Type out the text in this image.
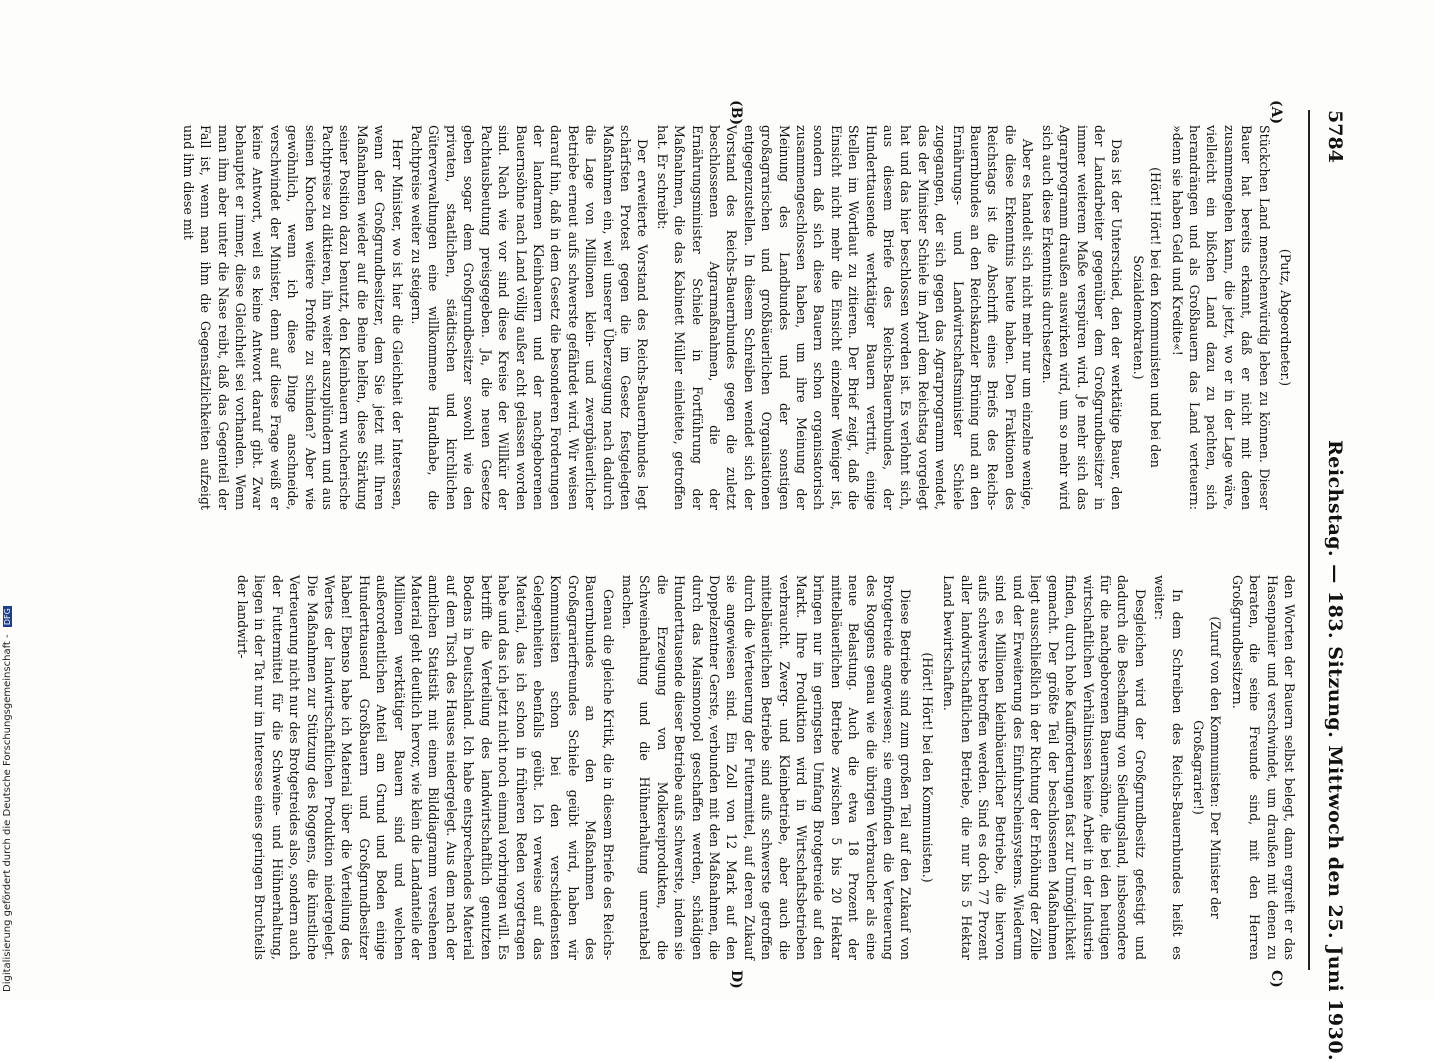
5784
Reichstag. — 183. Sitzung. Mittwoch den 25. Juni 1930.
(A)
(B)
C)
D)

(Putz, Abgeordneter.)

Stückchen Land menschenwürdig leben zu können. Dieser Bauer hat bereits erkannt, daß er nicht mit denen zusammengehen kann, die jetzt, wo er in der Lage wäre, vielleicht ein bißchen Land dazu zu pachten, sich herandrängen und als Großbauern das Land verteuern: »denn sie haben Geld und Kredite«!

(Hört! Hört! bei den Kommunisten und bei den Sozialdemokraten.)

Das ist der Unterschied, den der werktätige Bauer, den der Landarbeiter gegenüber dem Großgrundbesitzer in immer weiterem Maße verspüren wird. Je mehr sich das Agrarprogramm draußen auswirken wird, um so mehr wird sich auch diese Erkenntnis durchsetzen.

Aber es handelt sich nicht mehr nur um einzelne wenige, die diese Erkenntnis heute haben. Den Fraktionen des Reichstags ist die Abschrift eines Briefs des Reichs-Bauernbundes an den Reichskanzler Brüning und an den Ernährungs- und Landwirtschaftsminister Schiele zugegangen, der sich gegen das Agrarprogramm wendet, das der Minister Schiele im April dem Reichstag vorgelegt hat und das hier beschlossen worden ist. Es verlohnt sich, aus diesem Briefe des Reichs-Bauernbundes, der Hunderttausende werktätiger Bauern vertritt, einige Stellen im Wortlaut zu zitieren. Der Brief zeigt, daß die Einsicht nicht mehr die Einsicht einzelner Weniger ist, sondern daß sich diese Bauern schon organisatorisch zusammengeschlossen haben, um ihre Meinung der Meinung des Landbundes und der sonstigen großagrarischen und großbäuerlichen Organisationen entgegenzustellen. In diesem Schreiben wendet sich der Vorstand des Reichs-Bauernbundes gegen die zuletzt beschlossenen Agrarmaßnahmen, die der Ernährungsminister Schiele in Fortführung der Maßnahmen, die das Kabinett Müller einleitete, getroffen hat. Er schreibt:

Der erweiterte Vorstand des Reichs-Bauernbundes legt schärfsten Protest gegen die im Gesetz festgelegten Maßnahmen ein, weil unserer Überzeugung nach dadurch die Lage von Millionen klein- und zwergbäuerlicher Betriebe erneut aufs schwerste gefährdet wird. Wir weisen darauf hin, daß in dem Gesetz die besonderen Forderungen der landarmen Kleinbauern und der nachgeborenen Bauernsöhne nach Land völlig außer acht gelassen worden sind. Nach wie vor sind diese Kreise der Willkür der Pachtausbeutung preisgegeben. Ja, die neuen Gesetze geben sogar dem Großgrundbesitzer sowohl wie den privaten, staatlichen, städtischen und kirchlichen Güterverwaltungen eine willkommene Handhabe, die Pachtpreise weiter zu steigern.

Herr Minister, wo ist hier die Gleichheit der Interessen, wenn der Großgrundbesitzer, dem Sie jetzt mit Ihren Maßnahmen wieder auf die Beine helfen, diese Stärkung seiner Position dazu benutzt, den Kleinbauern wucherische Pachtpreise zu diktieren, ihn weiter auszuplündern und aus seinen Knochen weitere Profite zu schinden? Aber wie gewöhnlich, wenn ich diese Dinge anschneide, verschwindet der Minister, denn auf diese Frage weiß er keine Antwort, weil es keine Antwort darauf gibt. Zwar behauptet er immer, diese Gleichheit sei vorhanden. Wenn man ihm aber unter die Nase reibt, daß das Gegenteil der Fall ist, wenn man ihm die Gegensätzlichkeiten aufzeigt und ihm diese mit

den Worten der Bauern selbst belegt, dann ergreift er das Hasenpanier und verschwindet, um draußen mit denen zu beraten, die seine Freunde sind, mit den Herren Großgrundbesitzern.

(Zuruf von den Kommunisten: Der Minister der Großagrarier!)

In dem Schreiben des Reichs-Bauernbundes heißt es weiter:

Desgleichen wird der Großgrundbesitz gefestigt und dadurch die Beschaffung von Siedlungsland, insbesondere für die nachgeborenen Bauernsöhne, die bei den heutigen wirtschaftlichen Verhältnissen keine Arbeit in der Industrie finden, durch hohe Kaufforderungen fast zur Unmöglichkeit gemacht. Der größte Teil der beschlossenen Maßnahmen liegt ausschließlich in der Richtung der Erhöhung der Zölle und der Erweiterung des Einfuhrscheinsystems. Wiederum sind es Millionen kleinbäuerlicher Betriebe, die hiervon aufs schwerste betroffen werden. Sind es doch 77 Prozent aller landwirtschaftlichen Betriebe, die nur bis 5 Hektar Land bewirtschaften.

(Hört! Hört! bei den Kommunisten.)

Diese Betriebe sind zum großen Teil auf den Zukauf von Brotgetreide angewiesen; sie empfinden die Verteuerung des Roggens genau wie die übrigen Verbraucher als eine neue Belastung. Auch die etwa 18 Prozent der mittelbäuerlichen Betriebe zwischen 5 bis 20 Hektar bringen nur im geringsten Umfang Brotgetreide auf den Markt. Ihre Produktion wird in Wirtschaftsbetrieben verbraucht. Zwerg- und Kleinbetriebe, aber auch die mittelbäuerlichen Betriebe sind aufs schwerste getroffen durch die Verteuerung der Futtermittel, auf deren Zukauf sie angewiesen sind. Ein Zoll von 12 Mark auf den Doppelzentner Gerste, verbunden mit den Maßnahmen, die durch das Maismonopol geschaffen werden, schädigen Hunderttausende dieser Betriebe aufs schwerste, indem sie die Erzeugung von Molkereiprodukten, die Schweinehaltung und die Hühnerhaltung unrentabel machen.

Genau die gleiche Kritik, die in diesem Briefe des Reichs-Bauernbundes an den Maßnahmen des Großagrarierfreundes Schiele geübt wird, haben wir Kommunisten schon bei den verschiedensten Gelegenheiten ebenfalls geübt. Ich verweise auf das Material, das ich schon in früheren Reden vorgetragen habe und das ich jetzt nicht noch einmal vorbringen will. Es betrifft die Verteilung des landwirtschaftlich genutzten Bodens in Deutschland. Ich habe entsprechendes Material auf dem Tisch des Hauses niedergelegt. Aus dem nach der amtlichen Statistik mit einem Bilddiagramm versehenen Material geht deutlich hervor, wie klein die Landanteile der Millionen werktätiger Bauern sind und welchen außerordentlichen Anteil am Grund und Boden einige Hunderttausend Großbauern und Großgrundbesitzer haben! Ebenso habe ich Material über die Verteilung des Wertes der landwirtschaftlichen Produktion niedergelegt. Die Maßnahmen zur Stützung des Roggens, die künstliche Verteuerung nicht nur des Brotgetreides also, sondern auch der Futtermittel für die Schweine- und Hühnerhaltung, liegen in der Tat nur im Interesse eines geringen Bruchteils der landwirt-

Digitalisierung gefördert durch die Deutsche Forschungsgemeinschaft - DFG
